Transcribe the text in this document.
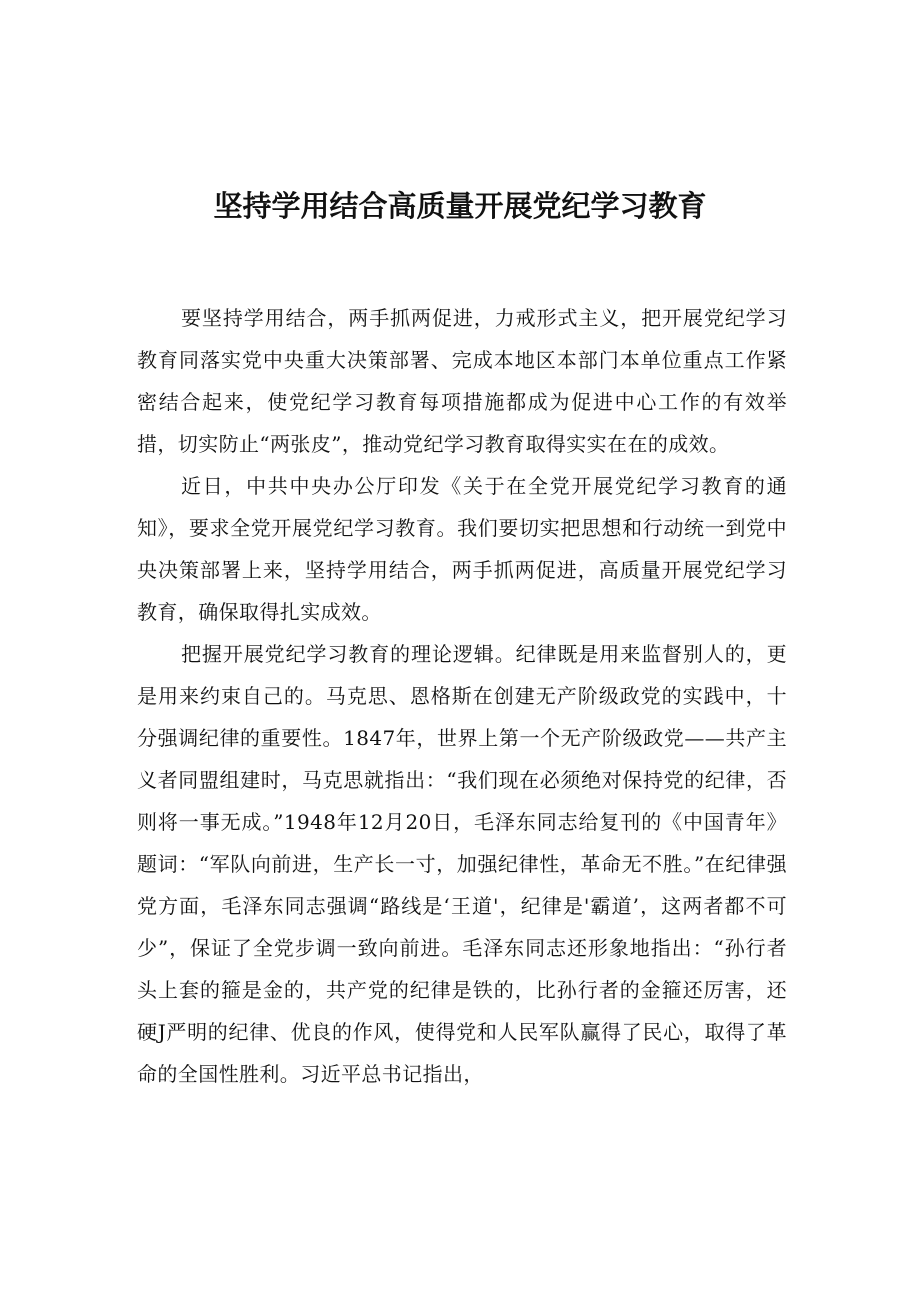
坚持学用结合高质量开展党纪学习教育

要坚持学用结合，两手抓两促进，力戒形式主义，把开展党纪学习教育同落实党中央重大决策部署、完成本地区本部门本单位重点工作紧密结合起来，使党纪学习教育每项措施都成为促进中心工作的有效举措，切实防止“两张皮”，推动党纪学习教育取得实实在在的成效。

近日，中共中央办公厅印发《关于在全党开展党纪学习教育的通知》，要求全党开展党纪学习教育。我们要切实把思想和行动统一到党中央决策部署上来，坚持学用结合，两手抓两促进，高质量开展党纪学习教育，确保取得扎实成效。

把握开展党纪学习教育的理论逻辑。纪律既是用来监督别人的，更是用来约束自己的。马克思、恩格斯在创建无产阶级政党的实践中，十分强调纪律的重要性。1847年，世界上第一个无产阶级政党——共产主义者同盟组建时，马克思就指出：“我们现在必须绝对保持党的纪律，否则将一事无成。”1948年12月20日，毛泽东同志给复刊的《中国青年》题词：“军队向前进，生产长一寸，加强纪律性，革命无不胜。”在纪律强党方面，毛泽东同志强调“路线是‘王道'，纪律是'霸道’，这两者都不可少”，保证了全党步调一致向前进。毛泽东同志还形象地指出：“孙行者头上套的箍是金的，共产党的纪律是铁的，比孙行者的金箍还厉害，还硬J严明的纪律、优良的作风，使得党和人民军队赢得了民心，取得了革命的全国性胜利。习近平总书记指出，
